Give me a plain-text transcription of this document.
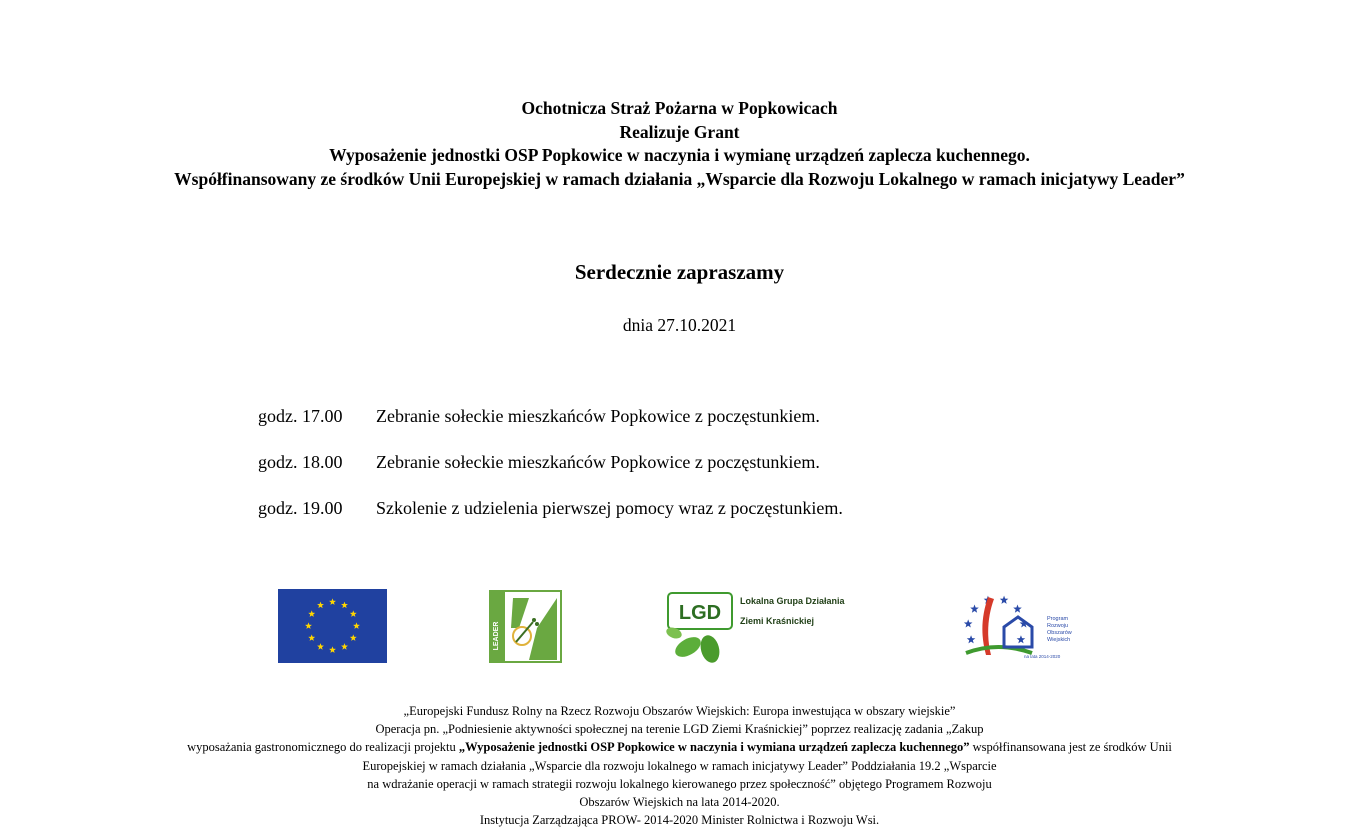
Ochotnicza Straż Pożarna w Popkowicach
Realizuje Grant
Wyposażenie jednostki OSP Popkowice w naczynia i wymianę urządzeń zaplecza kuchennego.
Współfinansowany ze środków Unii Europejskiej w ramach działania „Wsparcie dla Rozwoju Lokalnego w ramach inicjatywy Leader”
Serdecznie zapraszamy
dnia 27.10.2021
godz. 17.00	Zebranie sołeckie mieszkańców Popkowice z poczęstunkiem.
godz. 18.00	Zebranie sołeckie mieszkańców Popkowice z poczęstunkiem.
godz. 19.00	Szkolenie z udzielenia pierwszej pomocy wraz z poczęstunkiem.
LEADER
LGD
Lokalna Grupa Działania
Ziemi Kraśnickiej	Program
Rozwoju
Obszarów
Wiejskich
na lata 2014-2020
„Europejski Fundusz Rolny na Rzecz Rozwoju Obszarów Wiejskich: Europa inwestująca w obszary wiejskie”
Operacja pn. „Podniesienie aktywności społecznej na terenie LGD Ziemi Kraśnickiej” poprzez realizację zadania „Zakup
wyposażania gastronomicznego do realizacji projektu „Wyposażenie jednostki OSP Popkowice w naczynia i wymiana urządzeń zaplecza kuchennego” współfinansowana jest ze środków Unii
Europejskiej w ramach działania „Wsparcie dla rozwoju lokalnego w ramach inicjatywy Leader” Poddziałania 19.2 „Wsparcie
na wdrażanie operacji w ramach strategii rozwoju lokalnego kierowanego przez społeczność” objętego Programem Rozwoju
Obszarów Wiejskich na lata 2014-2020.
Instytucja Zarządzająca PROW- 2014-2020 Minister Rolnictwa i Rozwoju Wsi.
